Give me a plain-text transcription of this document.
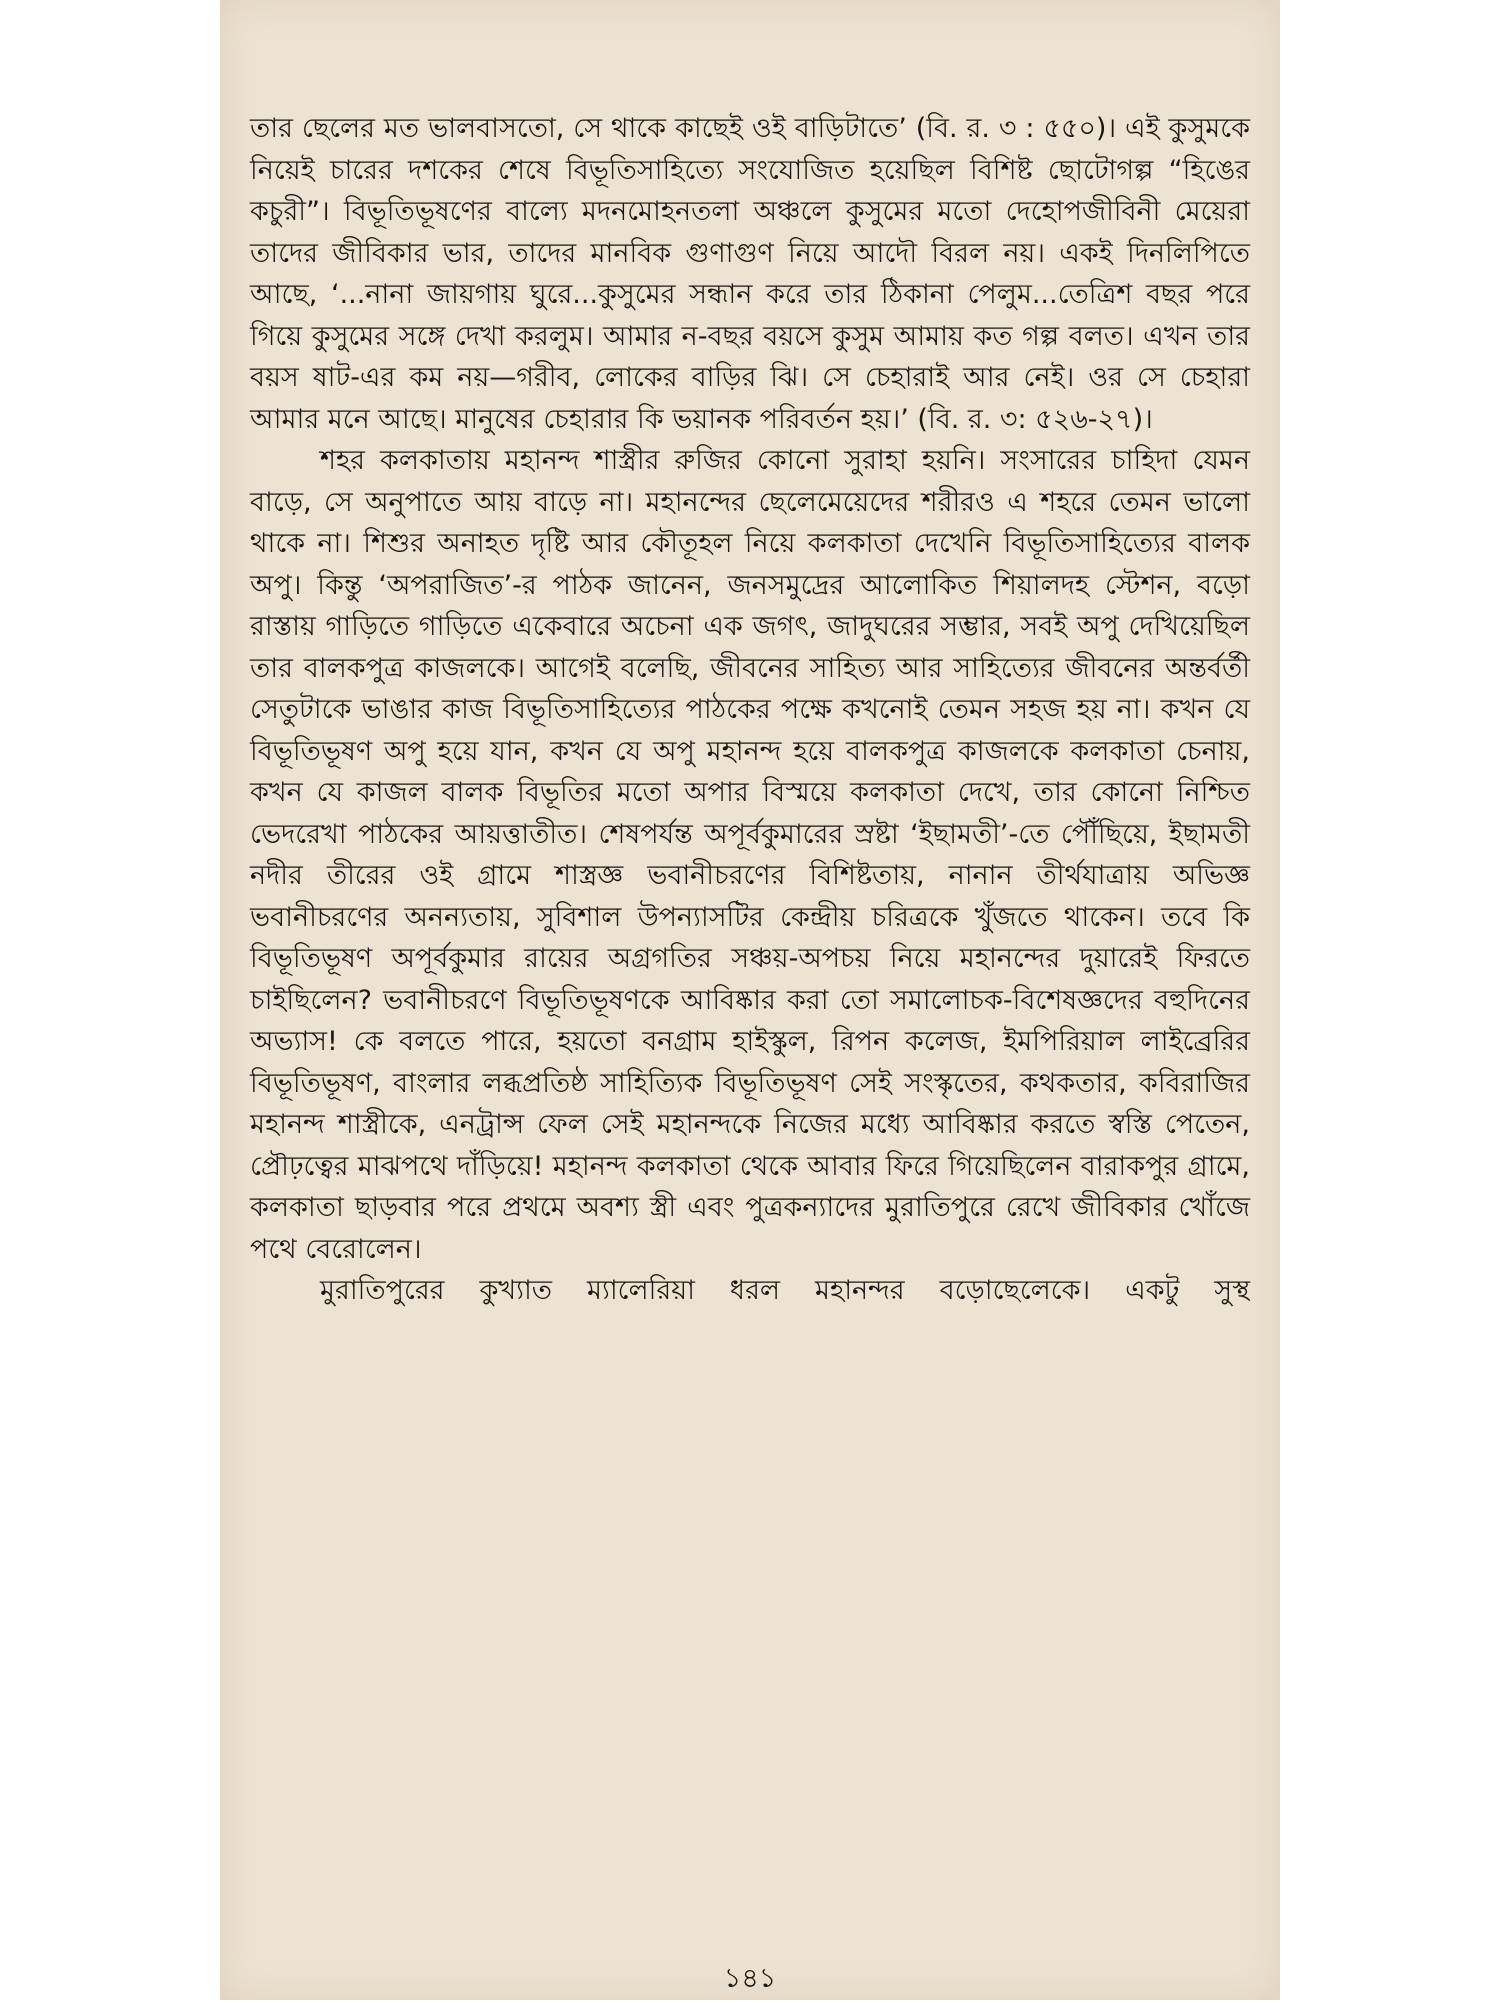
তার ছেলের মত ভালবাসতো, সে থাকে কাছেই ওই বাড়িটাতে’ (বি. র. ৩ : ৫৫০)। এই কুসুমকে নিয়েই চারের দশকের শেষে বিভূতিসাহিত্যে সংযোজিত হয়েছিল বিশিষ্ট ছোটোগল্প “হিঙের কচুরী”। বিভূতিভূষণের বাল্যে মদনমোহনতলা অঞ্চলে কুসুমের মতো দেহোপজীবিনী মেয়েরা তাদের জীবিকার ভার, তাদের মানবিক গুণাগুণ নিয়ে আদৌ বিরল নয়। একই দিনলিপিতে আছে, ‘...নানা জায়গায় ঘুরে...কুসুমের সন্ধান করে তার ঠিকানা পেলুম...তেত্রিশ বছর পরে গিয়ে কুসুমের সঙ্গে দেখা করলুম। আমার ন-বছর বয়সে কুসুম আমায় কত গল্প বলত। এখন তার বয়স ষাট-এর কম নয়—গরীব, লোকের বাড়ির ঝি। সে চেহারাই আর নেই। ওর সে চেহারা আমার মনে আছে। মানুষের চেহারার কি ভয়ানক পরিবর্তন হয়।’ (বি. র. ৩: ৫২৬-২৭)।

শহর কলকাতায় মহানন্দ শাস্ত্রীর রুজির কোনো সুরাহা হয়নি। সংসারের চাহিদা যেমন বাড়ে, সে অনুপাতে আয় বাড়ে না। মহানন্দের ছেলেমেয়েদের শরীরও এ শহরে তেমন ভালো থাকে না। শিশুর অনাহত দৃষ্টি আর কৌতূহল নিয়ে কলকাতা দেখেনি বিভূতিসাহিত্যের বালক অপু। কিন্তু ‘অপরাজিত’-র পাঠক জানেন, জনসমুদ্রের আলোকিত শিয়ালদহ স্টেশন, বড়ো রাস্তায় গাড়িতে গাড়িতে একেবারে অচেনা এক জগৎ, জাদুঘরের সম্ভার, সবই অপু দেখিয়েছিল তার বালকপুত্র কাজলকে। আগেই বলেছি, জীবনের সাহিত্য আর সাহিত্যের জীবনের অন্তর্বর্তী সেতুটাকে ভাঙার কাজ বিভূতিসাহিত্যের পাঠকের পক্ষে কখনোই তেমন সহজ হয় না। কখন যে বিভূতিভূষণ অপু হয়ে যান, কখন যে অপু মহানন্দ হয়ে বালকপুত্র কাজলকে কলকাতা চেনায়, কখন যে কাজল বালক বিভূতির মতো অপার বিস্ময়ে কলকাতা দেখে, তার কোনো নিশ্চিত ভেদরেখা পাঠকের আয়ত্তাতীত। শেষপর্যন্ত অপূর্বকুমারের স্রষ্টা ‘ইছামতী’-তে পৌঁছিয়ে, ইছামতী নদীর তীরের ওই গ্রামে শাস্ত্রজ্ঞ ভবানীচরণের বিশিষ্টতায়, নানান তীর্থযাত্রায় অভিজ্ঞ ভবানীচরণের অনন্যতায়, সুবিশাল উপন্যাসটির কেন্দ্রীয় চরিত্রকে খুঁজতে থাকেন। তবে কি বিভূতিভূষণ অপূর্বকুমার রায়ের অগ্রগতির সঞ্চয়-অপচয় নিয়ে মহানন্দের দুয়ারেই ফিরতে চাইছিলেন? ভবানীচরণে বিভূতিভূষণকে আবিষ্কার করা তো সমালোচক-বিশেষজ্ঞদের বহুদিনের অভ্যাস! কে বলতে পারে, হয়তো বনগ্রাম হাইস্কুল, রিপন কলেজ, ইমপিরিয়াল লাইব্রেরির বিভূতিভূষণ, বাংলার লব্ধপ্রতিষ্ঠ সাহিত্যিক বিভূতিভূষণ সেই সংস্কৃতের, কথকতার, কবিরাজির মহানন্দ শাস্ত্রীকে, এনট্রান্স ফেল সেই মহানন্দকে নিজের মধ্যে আবিষ্কার করতে স্বস্তি পেতেন, প্রৌঢ়ত্বের মাঝপথে দাঁড়িয়ে! মহানন্দ কলকাতা থেকে আবার ফিরে গিয়েছিলেন বারাকপুর গ্রামে, কলকাতা ছাড়বার পরে প্রথমে অবশ্য স্ত্রী এবং পুত্রকন্যাদের মুরাতিপুরে রেখে জীবিকার খোঁজে পথে বেরোলেন।

মুরাতিপুরের কুখ্যাত ম্যালেরিয়া ধরল মহানন্দর বড়োছেলেকে। একটু সুস্থ

১৪১
